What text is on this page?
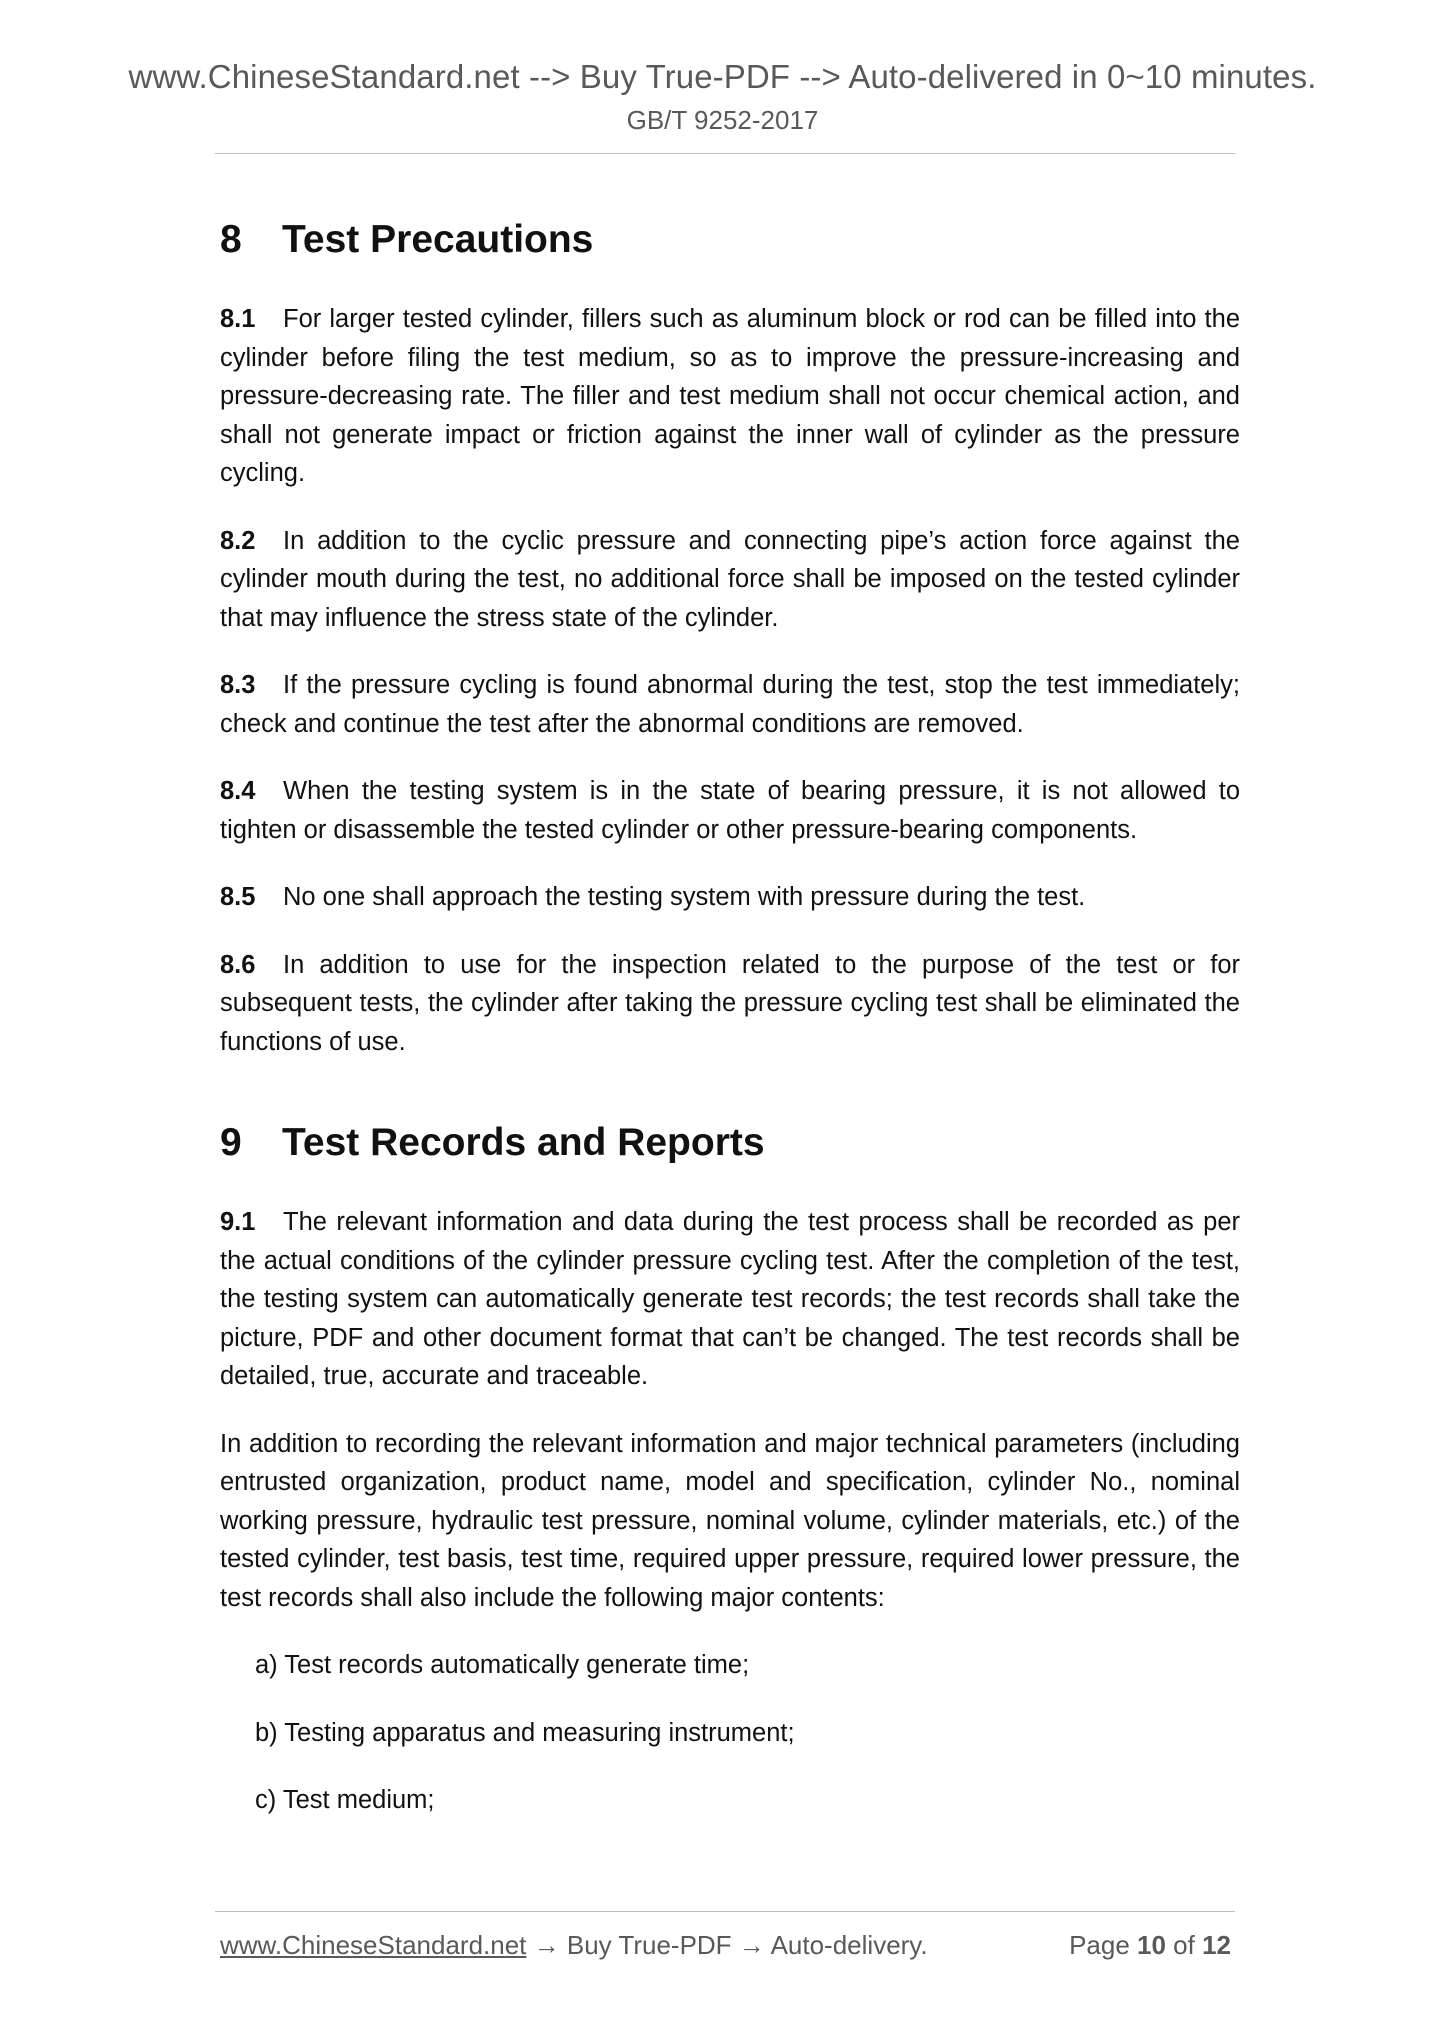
www.ChineseStandard.net --> Buy True-PDF --> Auto-delivered in 0~10 minutes.
GB/T 9252-2017
8 Test Precautions

8.1 For larger tested cylinder, fillers such as aluminum block or rod can be filled into the cylinder before filing the test medium, so as to improve the pressure-increasing and pressure-decreasing rate. The filler and test medium shall not occur chemical action, and shall not generate impact or friction against the inner wall of cylinder as the pressure cycling.

8.2 In addition to the cyclic pressure and connecting pipe’s action force against the cylinder mouth during the test, no additional force shall be imposed on the tested cylinder that may influence the stress state of the cylinder.

8.3 If the pressure cycling is found abnormal during the test, stop the test immediately; check and continue the test after the abnormal conditions are removed.

8.4 When the testing system is in the state of bearing pressure, it is not allowed to tighten or disassemble the tested cylinder or other pressure-bearing components.

8.5 No one shall approach the testing system with pressure during the test.

8.6 In addition to use for the inspection related to the purpose of the test or for subsequent tests, the cylinder after taking the pressure cycling test shall be eliminated the functions of use.

9 Test Records and Reports

9.1 The relevant information and data during the test process shall be recorded as per the actual conditions of the cylinder pressure cycling test. After the completion of the test, the testing system can automatically generate test records; the test records shall take the picture, PDF and other document format that can’t be changed. The test records shall be detailed, true, accurate and traceable.

In addition to recording the relevant information and major technical parameters (including entrusted organization, product name, model and specification, cylinder No., nominal working pressure, hydraulic test pressure, nominal volume, cylinder materials, etc.) of the tested cylinder, test basis, test time, required upper pressure, required lower pressure, the test records shall also include the following major contents:

a) Test records automatically generate time;

b) Testing apparatus and measuring instrument;

c) Test medium;

www.ChineseStandard.net → Buy True-PDF → Auto-delivery.	Page 10 of 12
